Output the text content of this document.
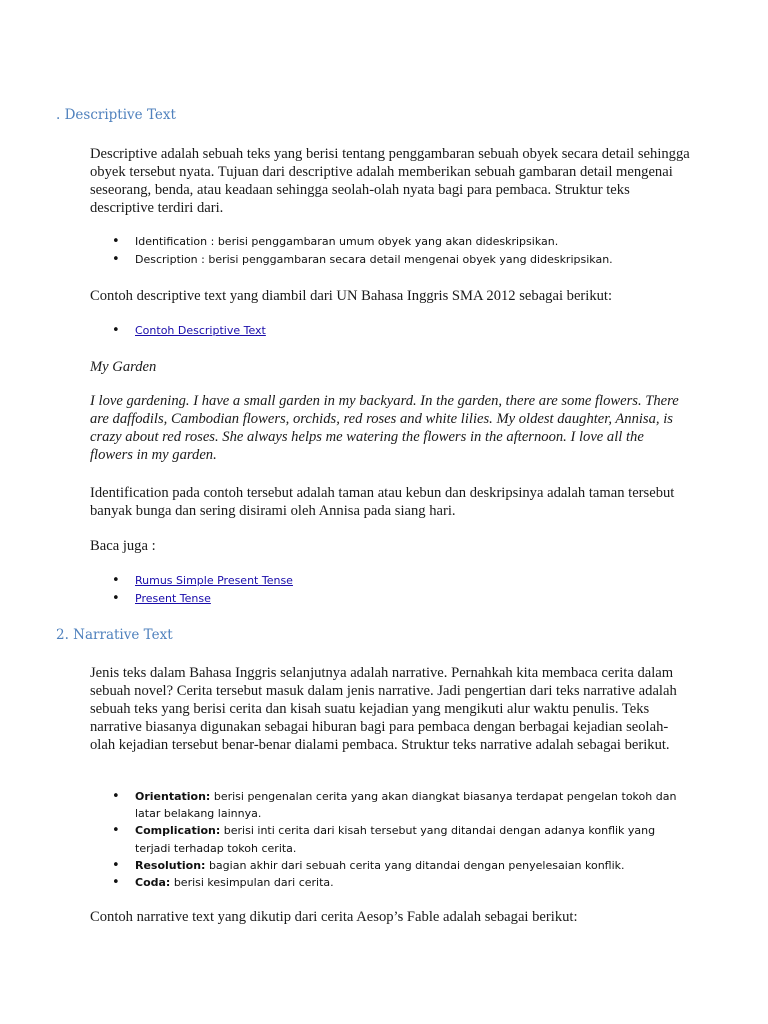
. Descriptive Text

Descriptive adalah sebuah teks yang berisi tentang penggambaran sebuah obyek secara detail sehingga obyek tersebut nyata. Tujuan dari descriptive adalah memberikan sebuah gambaran detail mengenai seseorang, benda, atau keadaan sehingga seolah-olah nyata bagi para pembaca. Struktur teks descriptive terdiri dari.

• Identification : berisi penggambaran umum obyek yang akan dideskripsikan.
• Description : berisi penggambaran secara detail mengenai obyek yang dideskripsikan.

Contoh descriptive text yang diambil dari UN Bahasa Inggris SMA 2012 sebagai berikut:

• Contoh Descriptive Text

My Garden

I love gardening. I have a small garden in my backyard. In the garden, there are some flowers. There are daffodils, Cambodian flowers, orchids, red roses and white lilies. My oldest daughter, Annisa, is crazy about red roses. She always helps me watering the flowers in the afternoon. I love all the flowers in my garden.

Identification pada contoh tersebut adalah taman atau kebun dan deskripsinya adalah taman tersebut banyak bunga dan sering disirami oleh Annisa pada siang hari.

Baca juga :

• Rumus Simple Present Tense
• Present Tense
2. Narrative Text

Jenis teks dalam Bahasa Inggris selanjutnya adalah narrative. Pernahkah kita membaca cerita dalam sebuah novel? Cerita tersebut masuk dalam jenis narrative. Jadi pengertian dari teks narrative adalah sebuah teks yang berisi cerita dan kisah suatu kejadian yang mengikuti alur waktu penulis. Teks narrative biasanya digunakan sebagai hiburan bagi para pembaca dengan berbagai kejadian seolah-olah kejadian tersebut benar-benar dialami pembaca. Struktur teks narrative adalah sebagai berikut.

• Orientation: berisi pengenalan cerita yang akan diangkat biasanya terdapat pengelan tokoh dan latar belakang lainnya.
• Complication: berisi inti cerita dari kisah tersebut yang ditandai dengan adanya konflik yang terjadi terhadap tokoh cerita.
• Resolution: bagian akhir dari sebuah cerita yang ditandai dengan penyelesaian konflik.
• Coda: berisi kesimpulan dari cerita.

Contoh narrative text yang dikutip dari cerita Aesop’s Fable adalah sebagai berikut:
